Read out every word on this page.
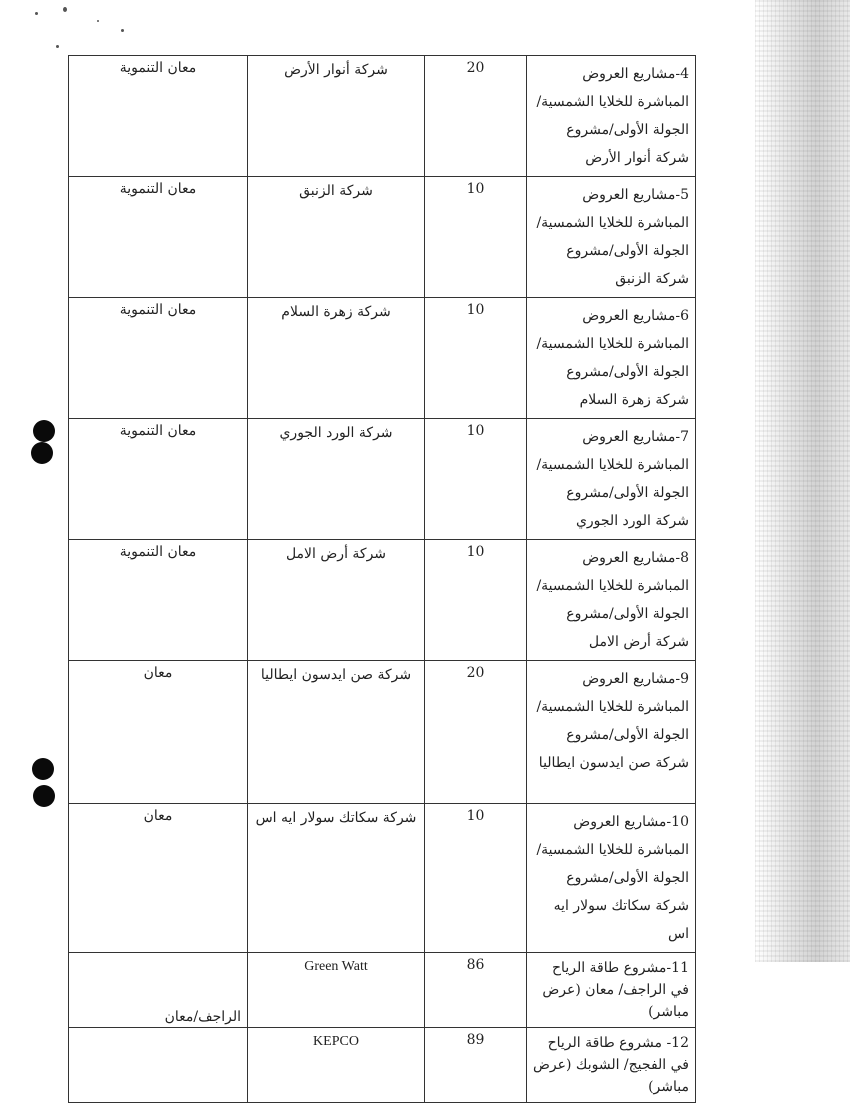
4-مشاريع العروض المباشرة للخلايا الشمسية/ الجولة الأولى/مشروع شركة أنوار الأرض	20	شركة أنوار الأرض	معان التنموية
5-مشاريع العروض المباشرة للخلايا الشمسية/ الجولة الأولى/مشروع شركة الزنبق	10	شركة الزنبق	معان التنموية
6-مشاريع العروض المباشرة للخلايا الشمسية/ الجولة الأولى/مشروع شركة زهرة السلام	10	شركة زهرة السلام	معان التنموية
7-مشاريع العروض المباشرة للخلايا الشمسية/ الجولة الأولى/مشروع شركة الورد الجوري	10	شركة الورد الجوري	معان التنموية
8-مشاريع العروض المباشرة للخلايا الشمسية/ الجولة الأولى/مشروع شركة أرض الامل	10	شركة أرض الامل	معان التنموية
9-مشاريع العروض المباشرة للخلايا الشمسية/ الجولة الأولى/مشروع شركة صن ايدسون ايطاليا	20	شركة صن ايدسون ايطاليا	معان
10-مشاريع العروض المباشرة للخلايا الشمسية/ الجولة الأولى/مشروع شركة سكاتك سولار ايه اس	10	شركة سكاتك سولار ايه اس	معان
11-مشروع طاقة الرياح في الراجف/ معان (عرض مباشر)	86	Green Watt	الراجف/معان
12- مشروع طاقة الرياح في الفجيج/ الشوبك (عرض مباشر)	89	KEPCO	
